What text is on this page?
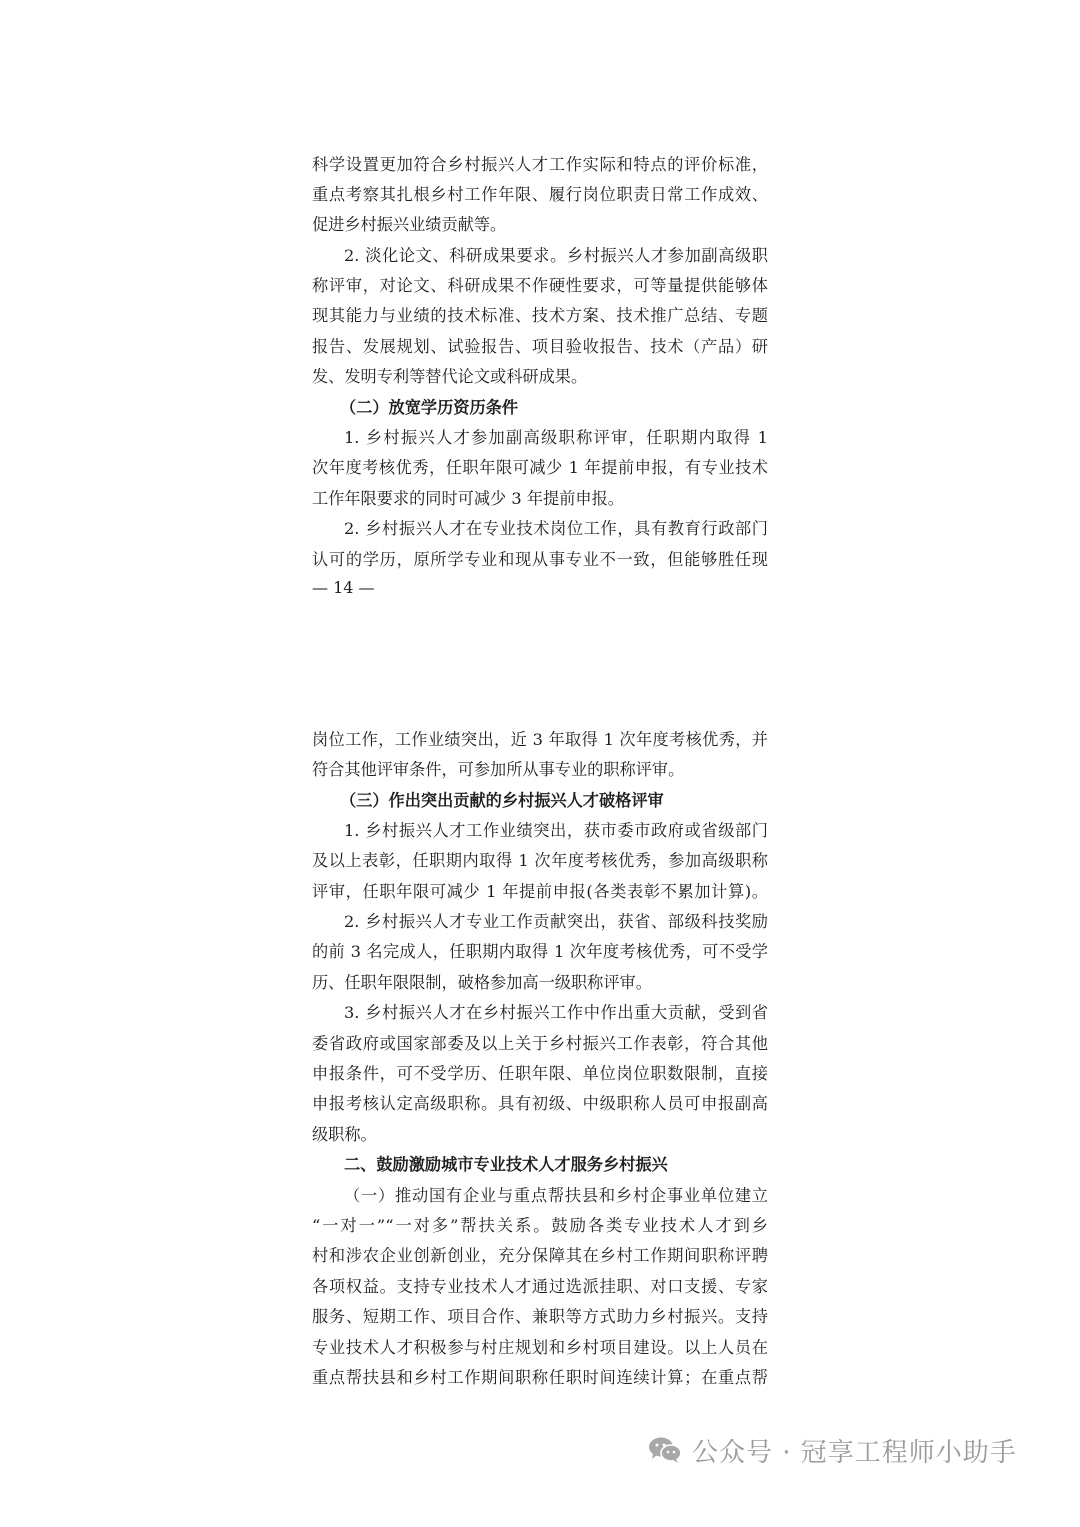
科学设置更加符合乡村振兴人才工作实际和特点的评价标准，
重点考察其扎根乡村工作年限、履行岗位职责日常工作成效、
促进乡村振兴业绩贡献等。
2. 淡化论文、科研成果要求。乡村振兴人才参加副高级职
称评审，对论文、科研成果不作硬性要求，可等量提供能够体
现其能力与业绩的技术标准、技术方案、技术推广总结、专题
报告、发展规划、试验报告、项目验收报告、技术（产品）研
发、发明专利等替代论文或科研成果。
（二）放宽学历资历条件
1. 乡村振兴人才参加副高级职称评审，任职期内取得 1
次年度考核优秀，任职年限可减少 1 年提前申报，有专业技术
工作年限要求的同时可减少 3 年提前申报。
2. 乡村振兴人才在专业技术岗位工作，具有教育行政部门
认可的学历，原所学专业和现从事专业不一致，但能够胜任现
— 14 —
岗位工作，工作业绩突出，近 3 年取得 1 次年度考核优秀，并
符合其他评审条件，可参加所从事专业的职称评审。
（三）作出突出贡献的乡村振兴人才破格评审
1. 乡村振兴人才工作业绩突出，获市委市政府或省级部门
及以上表彰，任职期内取得 1 次年度考核优秀，参加高级职称
评审，任职年限可减少 1 年提前申报(各类表彰不累加计算)。
2. 乡村振兴人才专业工作贡献突出，获省、部级科技奖励
的前 3 名完成人，任职期内取得 1 次年度考核优秀，可不受学
历、任职年限限制，破格参加高一级职称评审。
3. 乡村振兴人才在乡村振兴工作中作出重大贡献，受到省
委省政府或国家部委及以上关于乡村振兴工作表彰，符合其他
申报条件，可不受学历、任职年限、单位岗位职数限制，直接
申报考核认定高级职称。具有初级、中级职称人员可申报副高
级职称。
二、鼓励激励城市专业技术人才服务乡村振兴
（一）推动国有企业与重点帮扶县和乡村企事业单位建立
“一对一”“一对多”帮扶关系。鼓励各类专业技术人才到乡
村和涉农企业创新创业，充分保障其在乡村工作期间职称评聘
各项权益。支持专业技术人才通过选派挂职、对口支援、专家
服务、短期工作、项目合作、兼职等方式助力乡村振兴。支持
专业技术人才积极参与村庄规划和乡村项目建设。以上人员在
重点帮扶县和乡村工作期间职称任职时间连续计算；在重点帮
公众号 · 冠享工程师小助手
